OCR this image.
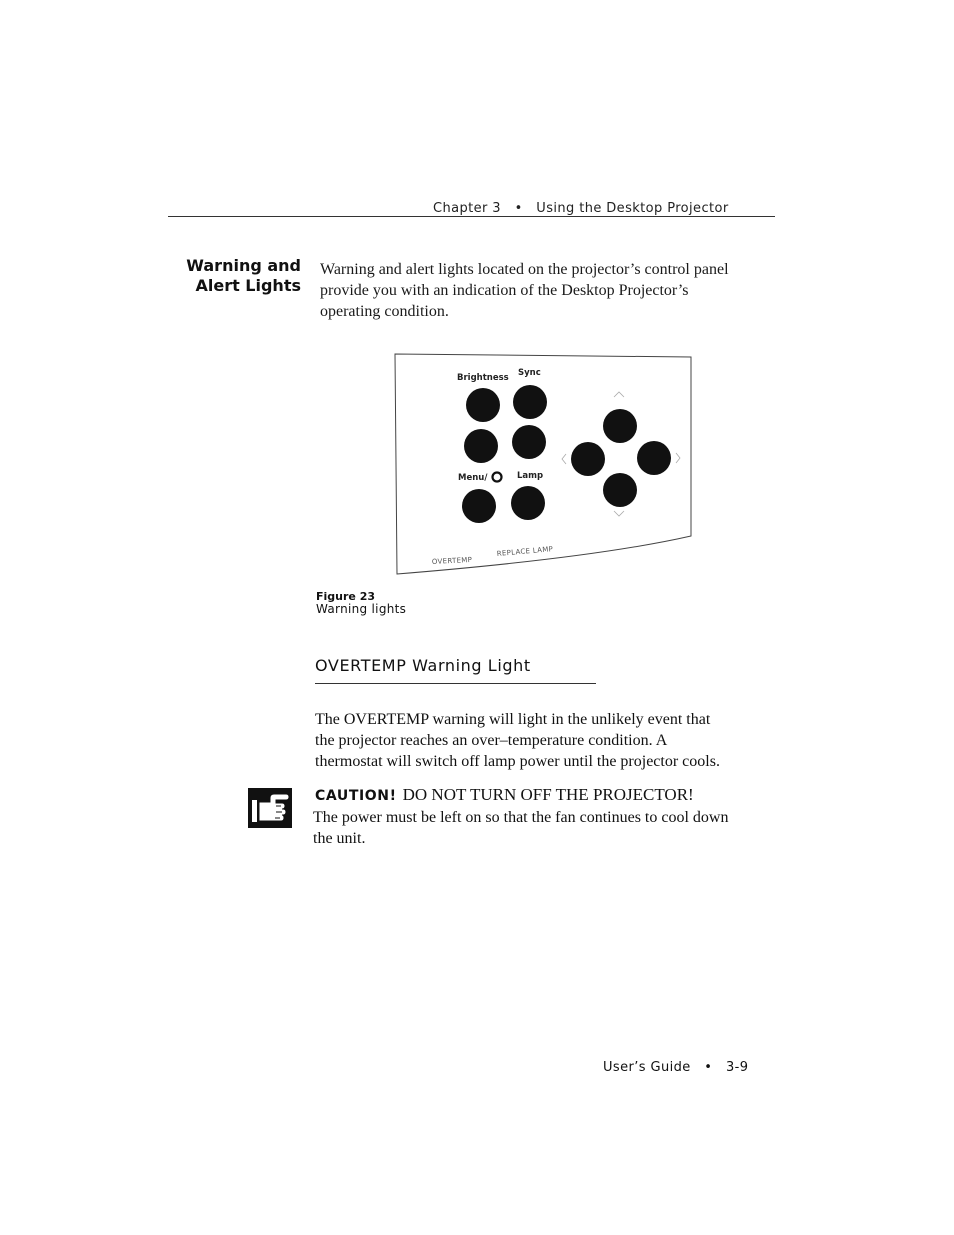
Chapter 3 • Using the Desktop Projector
Warning and
Alert Lights
Warning and alert lights located on the projector’s control panel
provide you with an indication of the Desktop Projector’s
operating condition.
Brightness Sync
Menu/	Lamp
OVERTEMP
REPLACE LAMP
Figure 23
Warning lights
OVERTEMP Warning Light
The OVERTEMP warning will light in the unlikely event that
the projector reaches an over–temperature condition. A
thermostat will switch off lamp power until the projector cools.
CAUTION! DO NOT TURN OFF THE PROJECTOR!
The power must be left on so that the fan continues to cool down
the unit.
User’s Guide • 3-9
